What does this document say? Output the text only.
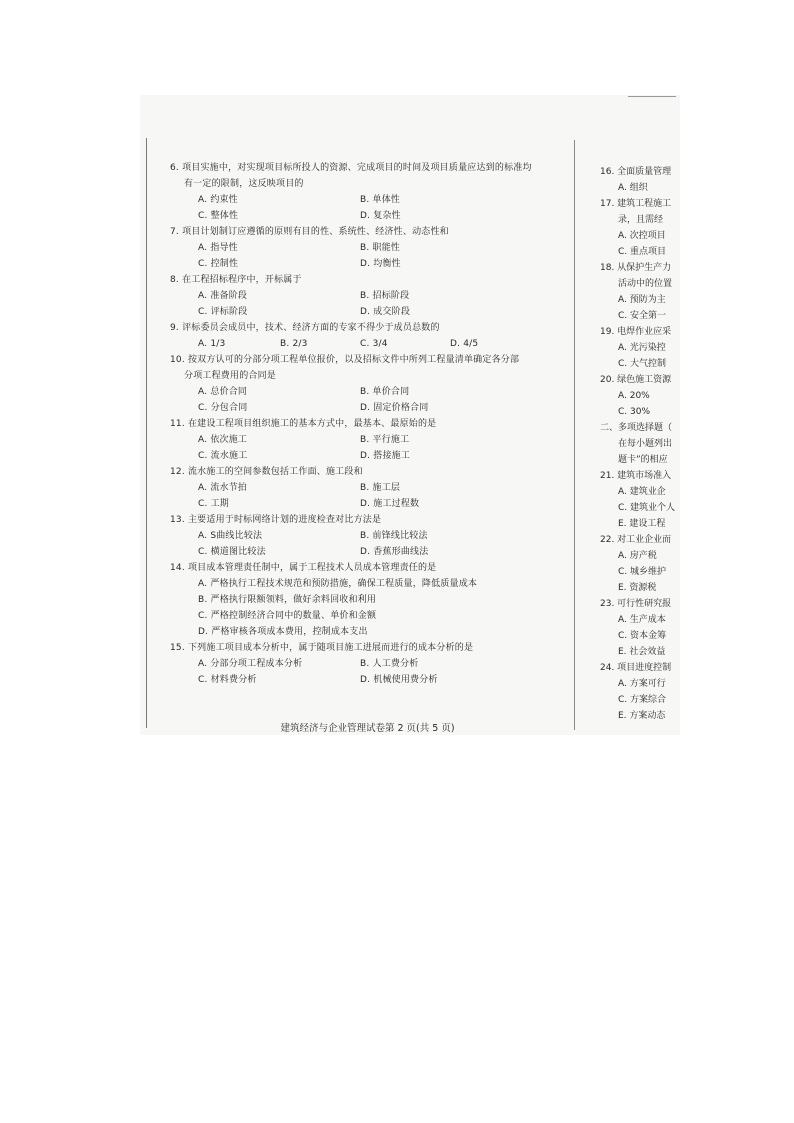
6. 项目实施中，对实现项目标所投人的资源、完成项目的时间及项目质量应达到的标准均
有一定的限制，这反映项目的
A. 约束性	B. 单体性
C. 整体性	D. 复杂性
7. 项目计划制订应遵循的原则有目的性、系统性、经济性、动态性和
A. 指导性	B. 职能性
C. 控制性	D. 均衡性
8. 在工程招标程序中，开标属于
A. 准备阶段	B. 招标阶段
C. 评标阶段	D. 成交阶段
9. 评标委员会成员中，技术、经济方面的专家不得少于成员总数的
A. 1/3	B. 2/3	C. 3/4	D. 4/5
10. 按双方认可的分部分项工程单位报价，以及招标文件中所列工程量清单确定各分部
分项工程费用的合同是
A. 总价合同	B. 单价合同
C. 分包合同	D. 固定价格合同
11. 在建设工程项目组织施工的基本方式中，最基本、最原始的是
A. 依次施工	B. 平行施工
C. 流水施工	D. 搭接施工
12. 流水施工的空间参数包括工作面、施工段和
A. 流水节拍	B. 施工层
C. 工期	D. 施工过程数
13. 主要适用于时标网络计划的进度检查对比方法是
A. S曲线比较法	B. 前锋线比较法
C. 横道图比较法	D. 香蕉形曲线法
14. 项目成本管理责任制中，属于工程技术人员成本管理责任的是
A. 严格执行工程技术规范和预防措施，确保工程质量，降低质量成本
B. 严格执行限额领料，做好余料回收和利用
C. 严格控制经济合同中的数量、单价和金额
D. 严格审核各项成本费用，控制成本支出
15. 下列施工项目成本分析中，属于随项目施工进展而进行的成本分析的是
A. 分部分项工程成本分析	B. 人工费分析
C. 材料费分析	D. 机械使用费分析
建筑经济与企业管理试卷第 2 页(共 5 页)
16. 全面质量管理
A. 组织
17. 建筑工程施工
录，且需经
A. 次控项目
C. 重点项目
18. 从保护生产力
活动中的位置
A. 预防为主
C. 安全第一
19. 电焊作业应采
A. 光污染控
C. 大气控制
20. 绿色施工资源
A. 20%
C. 30%
二、多项选择题（
在每小题列出
题卡”的相应
21. 建筑市场准入
A. 建筑业企
C. 建筑业个人
E. 建设工程
22. 对工业企业而
A. 房产税
C. 城乡维护
E. 资源税
23. 可行性研究报
A. 生产成本
C. 资本金筹
E. 社会效益
24. 项目进度控制
A. 方案可行
C. 方案综合
E. 方案动态
